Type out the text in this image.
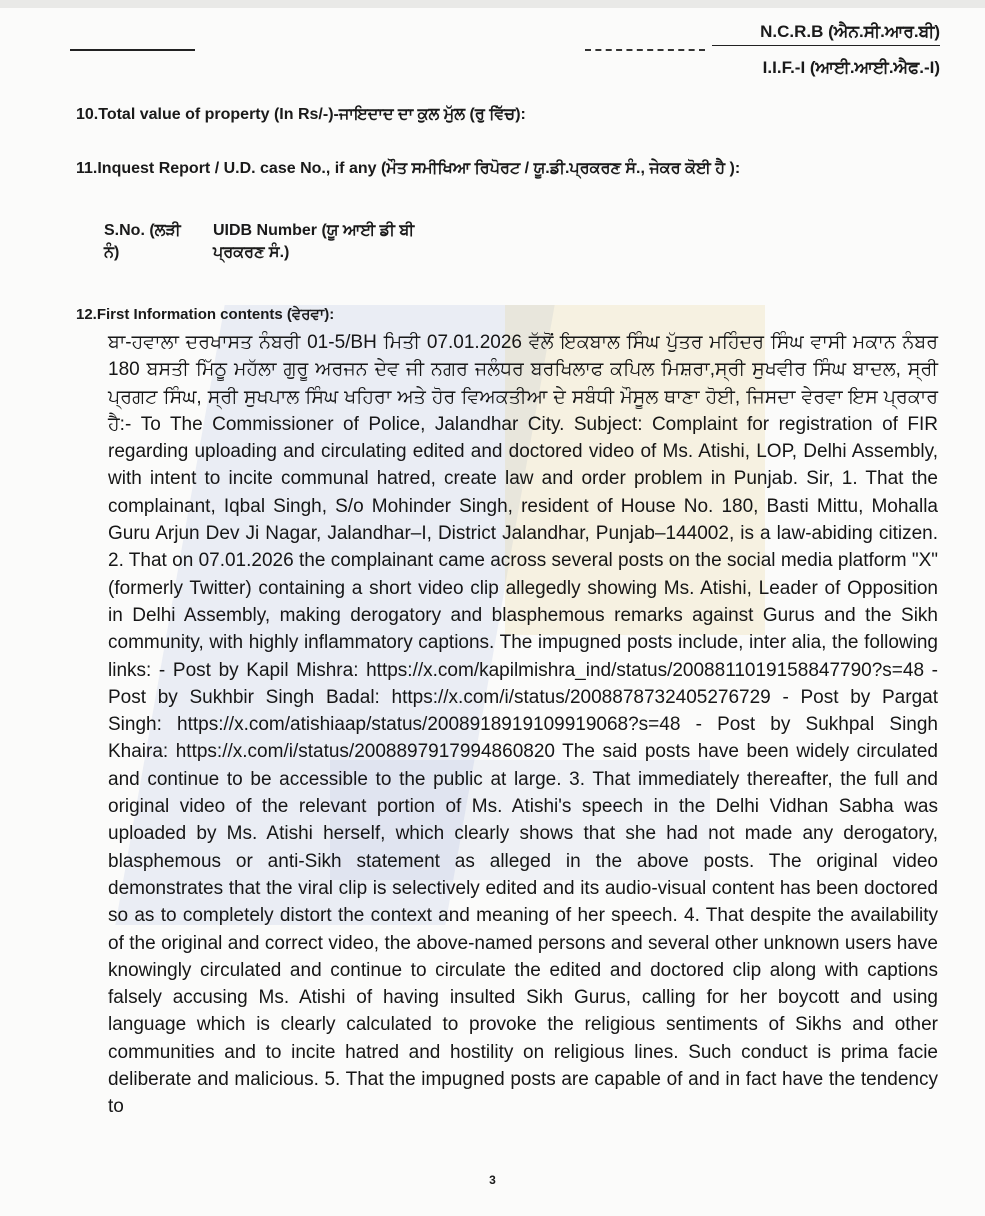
N.C.R.B (ਐਨ.ਸੀ.ਆਰ.ਬੀ)
I.I.F.-I (ਆਈ.ਆਈ.ਐਫ.-I)
10.Total value of property (In Rs/-)-ਜਾਇਦਾਦ ਦਾ ਕੁਲ ਮੁੱਲ (ਰੁ ਵਿੱਚ):
11.Inquest Report / U.D. case No., if any (ਮੌਤ ਸਮੀਖਿਆ ਰਿਪੋਰਟ / ਯੂ.ਡੀ.ਪ੍ਰਕਰਣ ਸੰ., ਜੇਕਰ ਕੋਈ ਹੈ ):
S.No. (ਲੜੀ
ਨੰ)
UIDB Number (ਯੂ ਆਈ ਡੀ ਬੀ
ਪ੍ਰਕਰਣ ਸੰ.)
12.First Information contents (ਵੇਰਵਾ):

ਬਾ-ਹਵਾਲਾ ਦਰਖਾਸਤ ਨੰਬਰੀ 01-5/BH ਮਿਤੀ 07.01.2026 ਵੱਲੋਂ ਇਕਬਾਲ ਸਿੰਘ ਪੁੱਤਰ ਮਹਿੰਦਰ ਸਿੰਘ ਵਾਸੀ ਮਕਾਨ ਨੰਬਰ 180 ਬਸਤੀ ਮਿੱਠੂ ਮਹੱਲਾ ਗੁਰੂ ਅਰਜਨ ਦੇਵ ਜੀ ਨਗਰ ਜਲੰਧਰ ਬਰਖਿਲਾਫ ਕਪਿਲ ਮਿਸ਼ਰਾ,ਸ੍ਰੀ ਸੁਖਵੀਰ ਸਿੰਘ ਬਾਦਲ, ਸ੍ਰੀ ਪ੍ਰਗਟ ਸਿੰਘ, ਸ੍ਰੀ ਸੁਖਪਾਲ ਸਿੰਘ ਖਹਿਰਾ ਅਤੇ ਹੋਰ ਵਿਅਕਤੀਆ ਦੇ ਸਬੰਧੀ ਮੌਸੂਲ ਥਾਣਾ ਹੋਈ, ਜਿਸਦਾ ਵੇਰਵਾ ਇਸ ਪ੍ਰਕਾਰ ਹੈ:- To The Commissioner of Police, Jalandhar City. Subject: Complaint for registration of FIR regarding uploading and circulating edited and doctored video of Ms. Atishi, LOP, Delhi Assembly, with intent to incite communal hatred, create law and order problem in Punjab. Sir, 1. That the complainant, Iqbal Singh, S/o Mohinder Singh, resident of House No. 180, Basti Mittu, Mohalla Guru Arjun Dev Ji Nagar, Jalandhar–I, District Jalandhar, Punjab–144002, is a law-abiding citizen. 2. That on 07.01.2026 the complainant came across several posts on the social media platform "X" (formerly Twitter) containing a short video clip allegedly showing Ms. Atishi, Leader of Opposition in Delhi Assembly, making derogatory and blasphemous remarks against Gurus and the Sikh community, with highly inflammatory captions. The impugned posts include, inter alia, the following links: - Post by Kapil Mishra: https://x.com/kapilmishra_ind/status/2008811019158847790?s=48 - Post by Sukhbir Singh Badal: https://x.com/i/status/2008878732405276729 - Post by Pargat Singh: https://x.com/atishiaap/status/2008918919109919068?s=48 - Post by Sukhpal Singh Khaira: https://x.com/i/status/2008897917994860820 The said posts have been widely circulated and continue to be accessible to the public at large. 3. That immediately thereafter, the full and original video of the relevant portion of Ms. Atishi's speech in the Delhi Vidhan Sabha was uploaded by Ms. Atishi herself, which clearly shows that she had not made any derogatory, blasphemous or anti-Sikh statement as alleged in the above posts. The original video demonstrates that the viral clip is selectively edited and its audio-visual content has been doctored so as to completely distort the context and meaning of her speech. 4. That despite the availability of the original and correct video, the above-named persons and several other unknown users have knowingly circulated and continue to circulate the edited and doctored clip along with captions falsely accusing Ms. Atishi of having insulted Sikh Gurus, calling for her boycott and using language which is clearly calculated to provoke the religious sentiments of Sikhs and other communities and to incite hatred and hostility on religious lines. Such conduct is prima facie deliberate and malicious. 5. That the impugned posts are capable of and in fact have the tendency to

3
